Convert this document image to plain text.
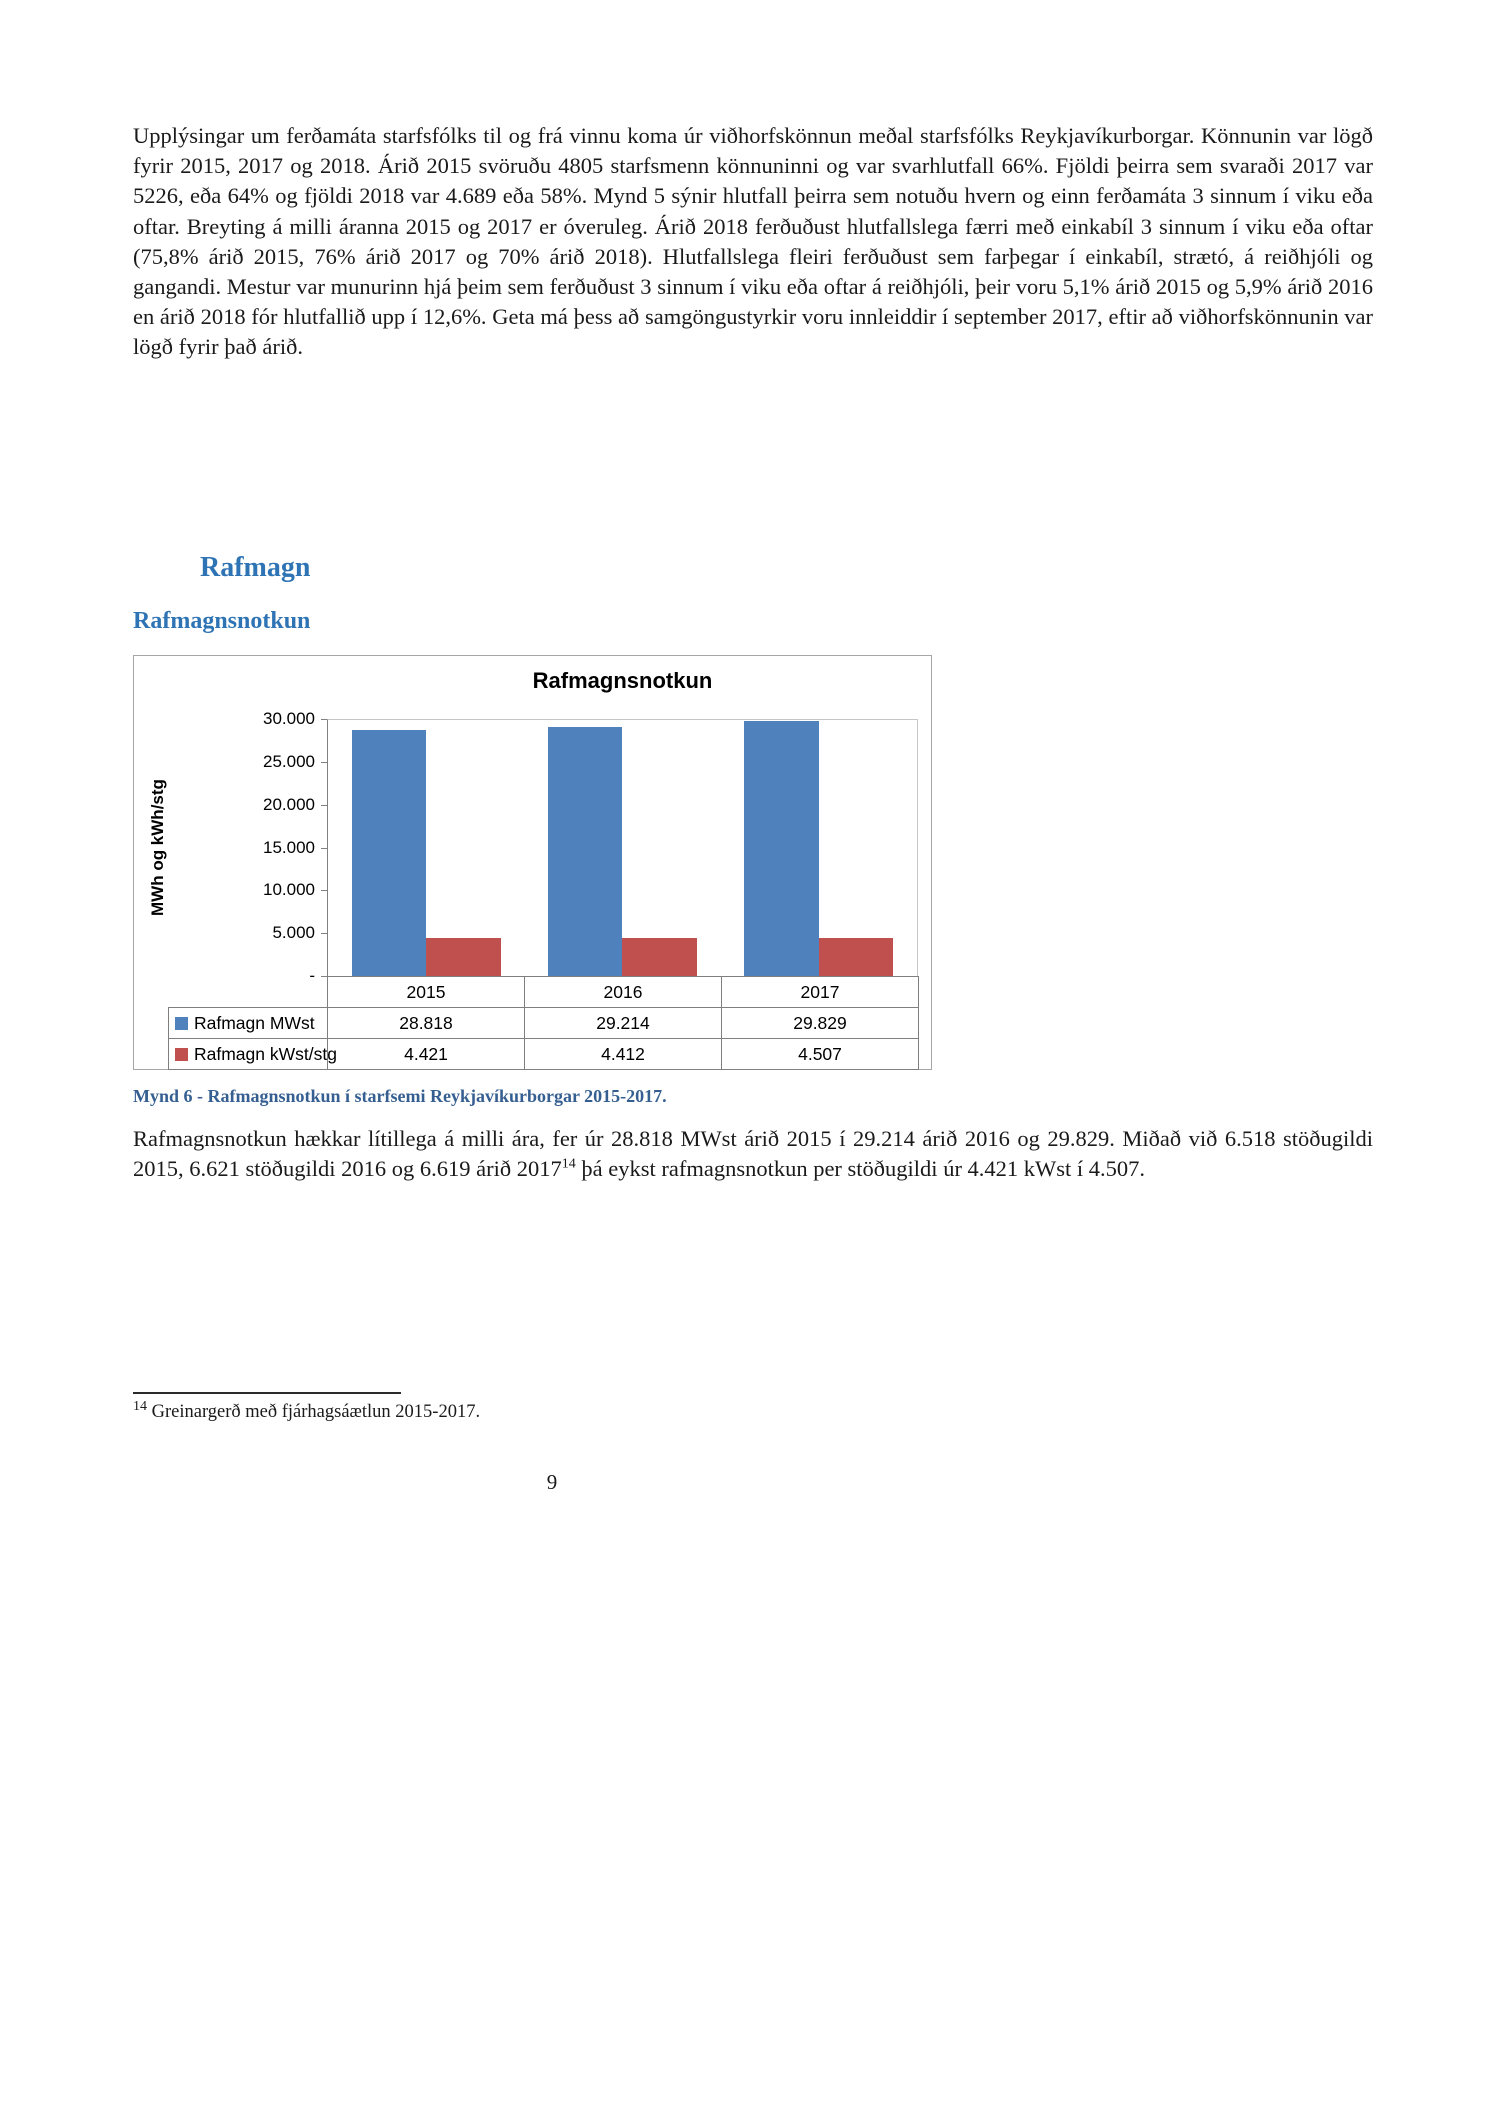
Upplýsingar um ferðamáta starfsfólks til og frá vinnu koma úr viðhorfskönnun meðal starfsfólks Reykjavíkurborgar. Könnunin var lögð fyrir 2015, 2017 og 2018. Árið 2015 svöruðu 4805 starfsmenn könnuninni og var svarhlutfall 66%. Fjöldi þeirra sem svaraði 2017 var 5226, eða 64% og fjöldi 2018 var 4.689 eða 58%. Mynd 5 sýnir hlutfall þeirra sem notuðu hvern og einn ferðamáta 3 sinnum í viku eða oftar. Breyting á milli áranna 2015 og 2017 er óveruleg. Árið 2018 ferðuðust hlutfallslega færri með einkabíl 3 sinnum í viku eða oftar (75,8% árið 2015, 76% árið 2017 og 70% árið 2018). Hlutfallslega fleiri ferðuðust sem farþegar í einkabíl, strætó, á reiðhjóli og gangandi. Mestur var munurinn hjá þeim sem ferðuðust 3 sinnum í viku eða oftar á reiðhjóli, þeir voru 5,1% árið 2015 og 5,9% árið 2016 en árið 2018 fór hlutfallið upp í 12,6%. Geta má þess að samgöngustyrkir voru innleiddir í september 2017, eftir að viðhorfskönnunin var lögð fyrir það árið.

Rafmagn
Rafmagnsnotkun
Rafmagnsnotkun
MWh og kWh/stg
30.000
25.000
20.000
15.000
10.000
5.000
-
	2015	2016	2017
Rafmagn MWst	28.818	29.214	29.829
Rafmagn kWst/stg	4.421	4.412	4.507

Mynd 6 - Rafmagnsnotkun í starfsemi Reykjavíkurborgar 2015-2017.

Rafmagnsnotkun hækkar lítillega á milli ára, fer úr 28.818 MWst árið 2015 í 29.214 árið 2016 og 29.829. Miðað við 6.518 stöðugildi 2015, 6.621 stöðugildi 2016 og 6.619 árið 2017$^{14}$ þá eykst rafmagnsnotkun per stöðugildi úr 4.421 kWst í 4.507.

$^{14}$ Greinargerð með fjárhagsáætlun 2015-2017.

9
